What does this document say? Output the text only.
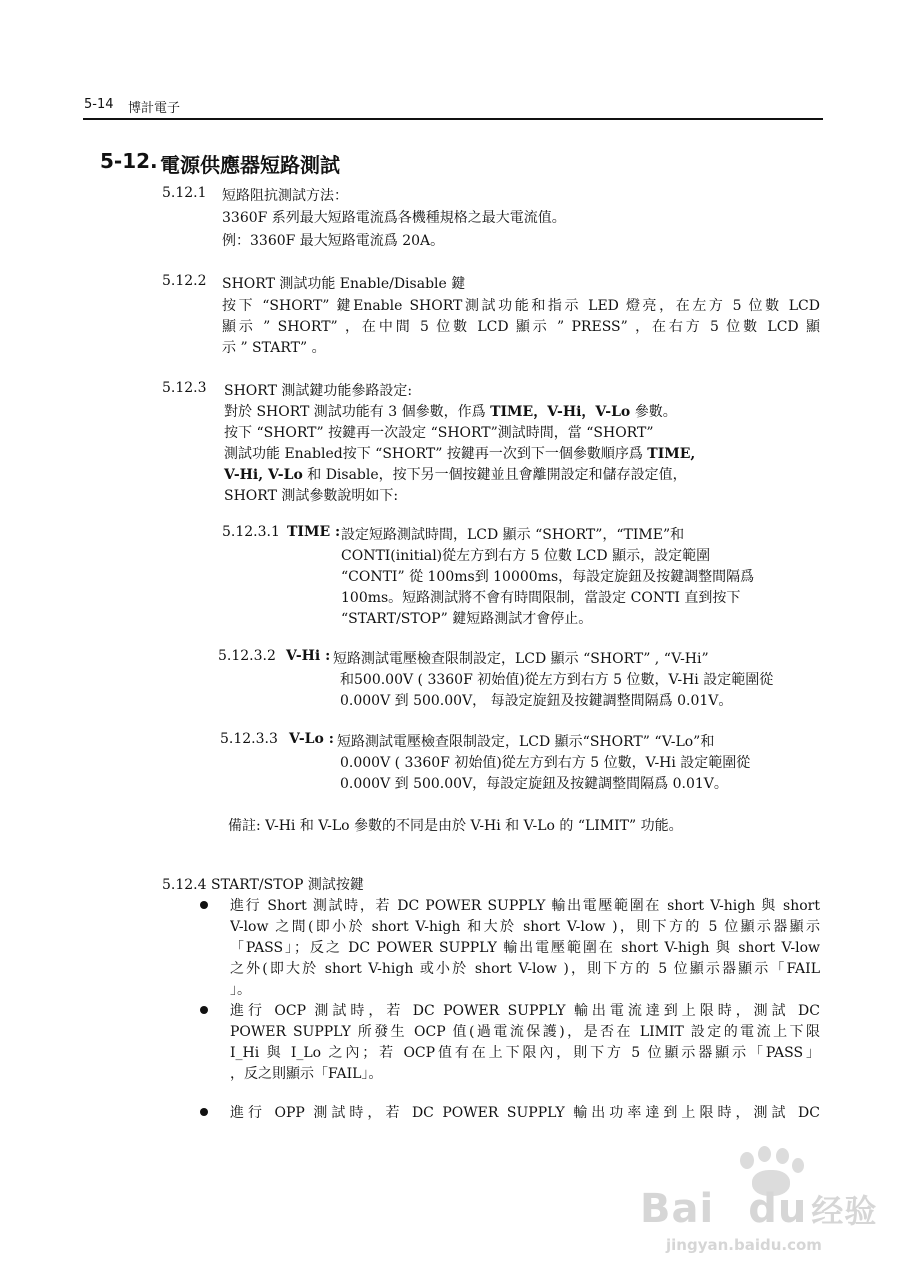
5-14 博計電子
5-12. 電源供應器短路測試
5.12.1 短路阻抗測試方法：
3360F 系列最大短路電流爲各機種規格之最大電流值。
例：3360F 最大短路電流爲 20A。
5.12.2 SHORT 測試功能 Enable/Disable 鍵
按下 “SHORT” 鍵Enable SHORT測試功能和指示 LED 燈亮，在左方 5 位數 LCD
顯示 ” SHORT” ，在中間 5 位數 LCD 顯示 ” PRESS” ，在右方 5 位數 LCD 顯
示 ” START” 。
5.12.3 SHORT 測試鍵功能參路設定:
對於 SHORT 測試功能有 3 個參數，作爲 TIME，V-Hi，V-Lo 參數。
按下 “SHORT” 按鍵再一次設定 “SHORT”測試時間，當 “SHORT”
測試功能 Enabled按下 “SHORT” 按鍵再一次到下一個參數順序爲 TIME,
V-Hi, V-Lo 和 Disable，按下另一個按鍵並且會離開設定和儲存設定值，
SHORT 測試參數說明如下:
5.12.3.1 TIME : 設定短路測試時間，LCD 顯示 “SHORT”，“TIME”和
CONTI(initial)從左方到右方 5 位數 LCD 顯示，設定範圍
“CONTI” 從 100ms到 10000ms，每設定旋鈕及按鍵調整間隔爲
100ms。短路測試將不會有時間限制，當設定 CONTI 直到按下
“START/STOP” 鍵短路測試才會停止。
5.12.3.2 V-Hi : 短路測試電壓檢查限制設定，LCD 顯示 “SHORT” , “V-Hi”
和500.00V ( 3360F 初始值)從左方到右方 5 位數，V-Hi 設定範圍從
0.000V 到 500.00V， 每設定旋鈕及按鍵調整間隔爲 0.01V。
5.12.3.3 V-Lo : 短路測試電壓檢查限制設定，LCD 顯示“SHORT” “V-Lo”和
0.000V ( 3360F 初始值)從左方到右方 5 位數，V-Hi 設定範圍從
0.000V 到 500.00V，每設定旋鈕及按鍵調整間隔爲 0.01V。
備註: V-Hi 和 V-Lo 參數的不同是由於 V-Hi 和 V-Lo 的 “LIMIT” 功能。
5.12.4 START/STOP 測試按鍵
進行 Short 測試時，若 DC POWER SUPPLY 輸出電壓範圍在 short V-high 與 short
V-low 之間(即小於 short V-high 和大於 short V-low )，則下方的 5 位顯示器顯示
「PASS」；反之 DC POWER SUPPLY 輸出電壓範圍在 short V-high 與 short V-low
之外(即大於 short V-high 或小於 short V-low )，則下方的 5 位顯示器顯示「FAIL
」。
進行 OCP 測試時，若 DC POWER SUPPLY 輸出電流達到上限時，測試 DC
POWER SUPPLY 所發生 OCP 值(過電流保護)，是否在 LIMIT 設定的電流上下限
I_Hi 與 I_Lo 之內；若 OCP值有在上下限內，則下方 5 位顯示器顯示「PASS」
，反之則顯示「FAIL」。
進行 OPP 測試時，若 DC POWER SUPPLY 輸出功率達到上限時，測試 DC
Bai du 经验
jingyan.baidu.com
